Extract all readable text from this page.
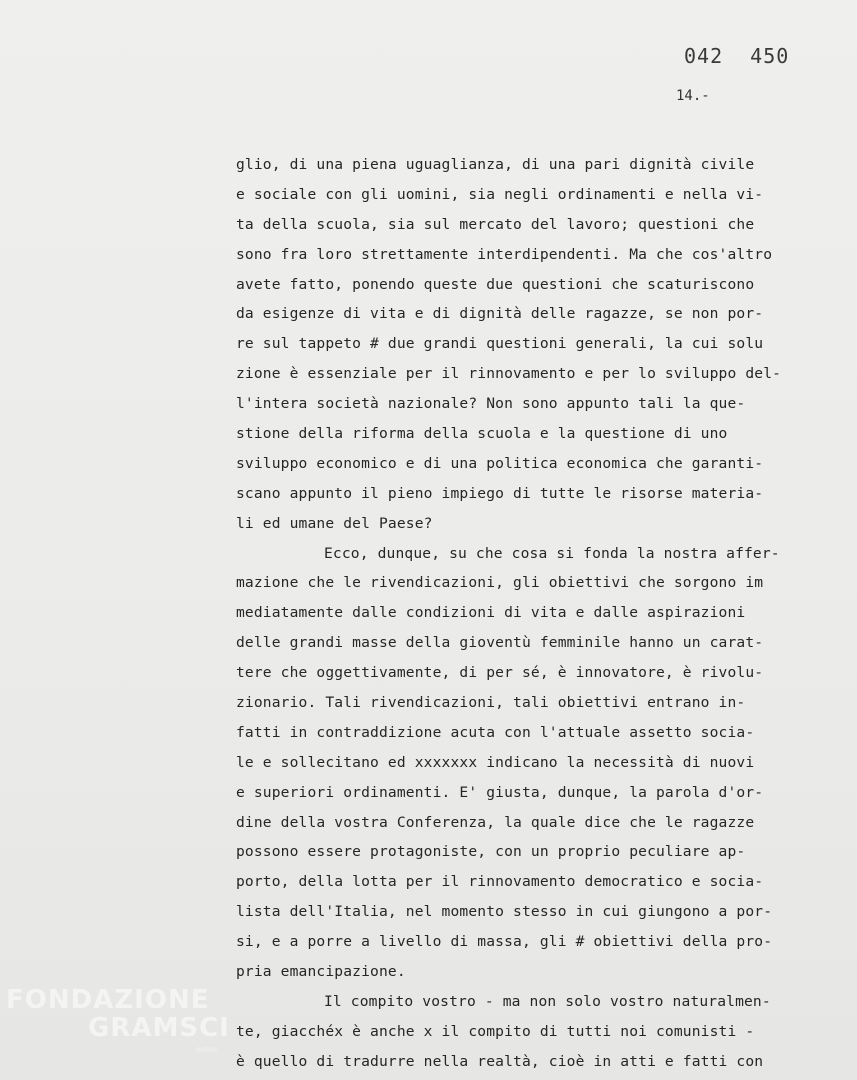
042 450
14.-
glio, di una piena uguaglianza, di una pari dignità civile
e sociale con gli uomini, sia negli ordinamenti e nella vi-
ta della scuola, sia sul mercato del lavoro; questioni che
sono fra loro strettamente interdipendenti. Ma che cos'altro
avete fatto, ponendo queste due questioni che scaturiscono
da esigenze di vita e di dignità delle ragazze, se non por-
re sul tappeto # due grandi questioni generali, la cui solu
zione è essenziale per il rinnovamento e per lo sviluppo del-
l'intera società nazionale? Non sono appunto tali la que-
stione della riforma della scuola e la questione di uno
sviluppo economico e di una politica economica che garanti-
scano appunto il pieno impiego di tutte le risorse materia-
li ed umane del Paese?
Ecco, dunque, su che cosa si fonda la nostra affer-
mazione che le rivendicazioni, gli obiettivi che sorgono im
mediatamente dalle condizioni di vita e dalle aspirazioni
delle grandi masse della gioventù femminile hanno un carat-
tere che oggettivamente, di per sé, è innovatore, è rivolu-
zionario. Tali rivendicazioni, tali obiettivi entrano in-
fatti in contraddizione acuta con l'attuale assetto socia-
le e sollecitano ed xxxxxxx indicano la necessità di nuovi
e superiori ordinamenti. E' giusta, dunque, la parola d'or-
dine della vostra Conferenza, la quale dice che le ragazze
possono essere protagoniste, con un proprio peculiare ap-
porto, della lotta per il rinnovamento democratico e socia-
lista dell'Italia, nel momento stesso in cui giungono a por-
si, e a porre a livello di massa, gli # obiettivi della pro-
pria emancipazione.
Il compito vostro - ma non solo vostro naturalmen-
te, giacchéx è anche x il compito di tutti noi comunisti -
è quello di tradurre nella realtà, cioè in atti e fatti con
FONDAZIONE
GRAMSCI
onlus
